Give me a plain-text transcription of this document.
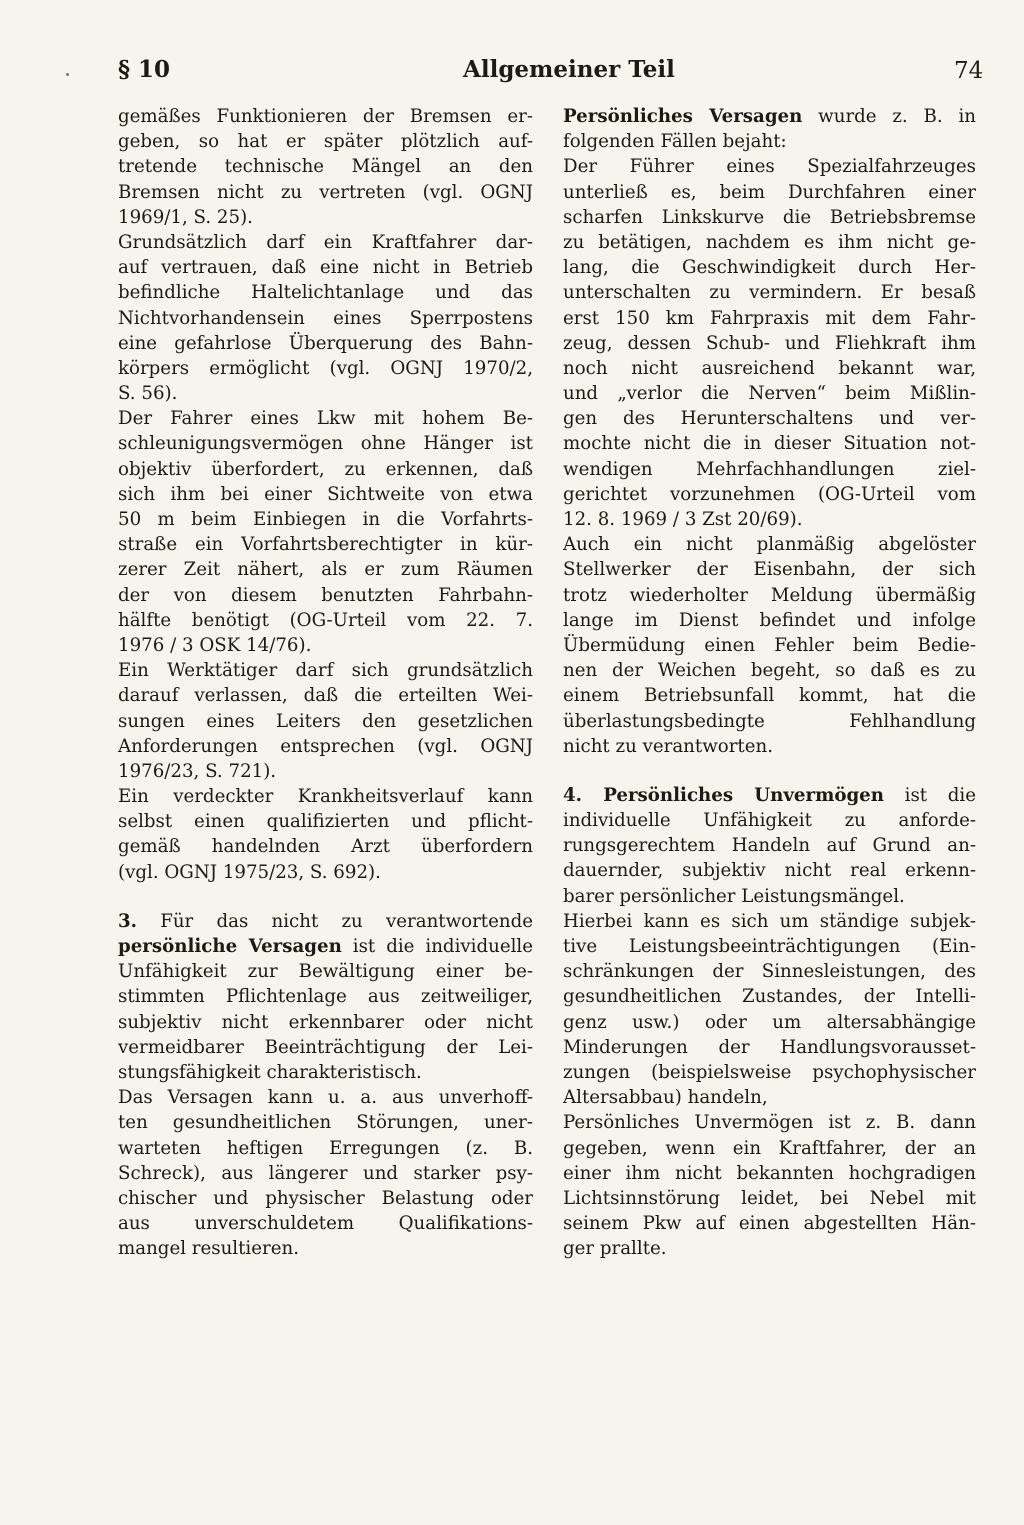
§ 10	Allgemeiner Teil	74
gemäßes Funktionieren der Bremsen er-
geben, so hat er später plötzlich auf-
tretende technische Mängel an den
Bremsen nicht zu vertreten (vgl. OGNJ
1969/1, S. 25).
Grundsätzlich darf ein Kraftfahrer dar-
auf vertrauen, daß eine nicht in Betrieb
befindliche Haltelichtanlage und das
Nichtvorhandensein eines Sperrpostens
eine gefahrlose Überquerung des Bahn-
körpers ermöglicht (vgl. OGNJ 1970/2,
S. 56).
Der Fahrer eines Lkw mit hohem Be-
schleunigungsvermögen ohne Hänger ist
objektiv überfordert, zu erkennen, daß
sich ihm bei einer Sichtweite von etwa
50 m beim Einbiegen in die Vorfahrts-
straße ein Vorfahrtsberechtigter in kür-
zerer Zeit nähert, als er zum Räumen
der von diesem benutzten Fahrbahn-
hälfte benötigt (OG-Urteil vom 22. 7.
1976 / 3 OSK 14/76).
Ein Werktätiger darf sich grundsätzlich
darauf verlassen, daß die erteilten Wei-
sungen eines Leiters den gesetzlichen
Anforderungen entsprechen (vgl. OGNJ
1976/23, S. 721).
Ein verdeckter Krankheitsverlauf kann
selbst einen qualifizierten und pflicht-
gemäß handelnden Arzt überfordern
(vgl. OGNJ 1975/23, S. 692).
3. Für das nicht zu verantwortende
persönliche Versagen ist die individuelle
Unfähigkeit zur Bewältigung einer be-
stimmten Pflichtenlage aus zeitweiliger,
subjektiv nicht erkennbarer oder nicht
vermeidbarer Beeinträchtigung der Lei-
stungsfähigkeit charakteristisch.
Das Versagen kann u. a. aus unverhoff-
ten gesundheitlichen Störungen, uner-
warteten heftigen Erregungen (z. B.
Schreck), aus längerer und starker psy-
chischer und physischer Belastung oder
aus unverschuldetem Qualifikations-
mangel resultieren.
Persönliches Versagen wurde z. B. in
folgenden Fällen bejaht:
Der Führer eines Spezialfahrzeuges
unterließ es, beim Durchfahren einer
scharfen Linkskurve die Betriebsbremse
zu betätigen, nachdem es ihm nicht ge-
lang, die Geschwindigkeit durch Her-
unterschalten zu vermindern. Er besaß
erst 150 km Fahrpraxis mit dem Fahr-
zeug, dessen Schub- und Fliehkraft ihm
noch nicht ausreichend bekannt war,
und „verlor die Nerven“ beim Mißlin-
gen des Herunterschaltens und ver-
mochte nicht die in dieser Situation not-
wendigen Mehrfachhandlungen ziel-
gerichtet vorzunehmen (OG-Urteil vom
12. 8. 1969 / 3 Zst 20/69).
Auch ein nicht planmäßig abgelöster
Stellwerker der Eisenbahn, der sich
trotz wiederholter Meldung übermäßig
lange im Dienst befindet und infolge
Übermüdung einen Fehler beim Bedie-
nen der Weichen begeht, so daß es zu
einem Betriebsunfall kommt, hat die
überlastungsbedingte Fehlhandlung
nicht zu verantworten.
4. Persönliches Unvermögen ist die
individuelle Unfähigkeit zu anforde-
rungsgerechtem Handeln auf Grund an-
dauernder, subjektiv nicht real erkenn-
barer persönlicher Leistungsmängel.
Hierbei kann es sich um ständige subjek-
tive Leistungsbeeinträchtigungen (Ein-
schränkungen der Sinnesleistungen, des
gesundheitlichen Zustandes, der Intelli-
genz usw.) oder um altersabhängige
Minderungen der Handlungsvorausset-
zungen (beispielsweise psychophysischer
Altersabbau) handeln,
Persönliches Unvermögen ist z. B. dann
gegeben, wenn ein Kraftfahrer, der an
einer ihm nicht bekannten hochgradigen
Lichtsinnstörung leidet, bei Nebel mit
seinem Pkw auf einen abgestellten Hän-
ger prallte.
